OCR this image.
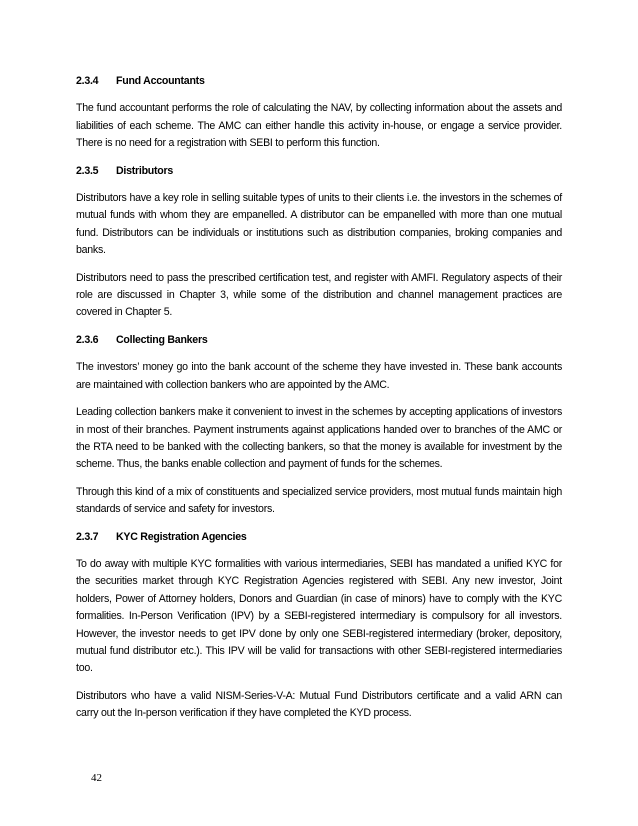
2.3.4 Fund Accountants

The fund accountant performs the role of calculating the NAV, by collecting information about the assets and liabilities of each scheme. The AMC can either handle this activity in-house, or engage a service provider. There is no need for a registration with SEBI to perform this function.

2.3.5 Distributors

Distributors have a key role in selling suitable types of units to their clients i.e. the investors in the schemes of mutual funds with whom they are empanelled. A distributor can be empanelled with more than one mutual fund. Distributors can be individuals or institutions such as distribution companies, broking companies and banks.

Distributors need to pass the prescribed certification test, and register with AMFI. Regulatory aspects of their role are discussed in Chapter 3, while some of the distribution and channel management practices are covered in Chapter 5.

2.3.6 Collecting Bankers

The investors’ money go into the bank account of the scheme they have invested in. These bank accounts are maintained with collection bankers who are appointed by the AMC.

Leading collection bankers make it convenient to invest in the schemes by accepting applications of investors in most of their branches. Payment instruments against applications handed over to branches of the AMC or the RTA need to be banked with the collecting bankers, so that the money is available for investment by the scheme. Thus, the banks enable collection and payment of funds for the schemes.

Through this kind of a mix of constituents and specialized service providers, most mutual funds maintain high standards of service and safety for investors.

2.3.7 KYC Registration Agencies

To do away with multiple KYC formalities with various intermediaries, SEBI has mandated a unified KYC for the securities market through KYC Registration Agencies registered with SEBI. Any new investor, Joint holders, Power of Attorney holders, Donors and Guardian (in case of minors) have to comply with the KYC formalities. In-Person Verification (IPV) by a SEBI-registered intermediary is compulsory for all investors. However, the investor needs to get IPV done by only one SEBI-registered intermediary (broker, depository, mutual fund distributor etc.). This IPV will be valid for transactions with other SEBI-registered intermediaries too.

Distributors who have a valid NISM-Series-V-A: Mutual Fund Distributors certificate and a valid ARN can carry out the In-person verification if they have completed the KYD process.

42
